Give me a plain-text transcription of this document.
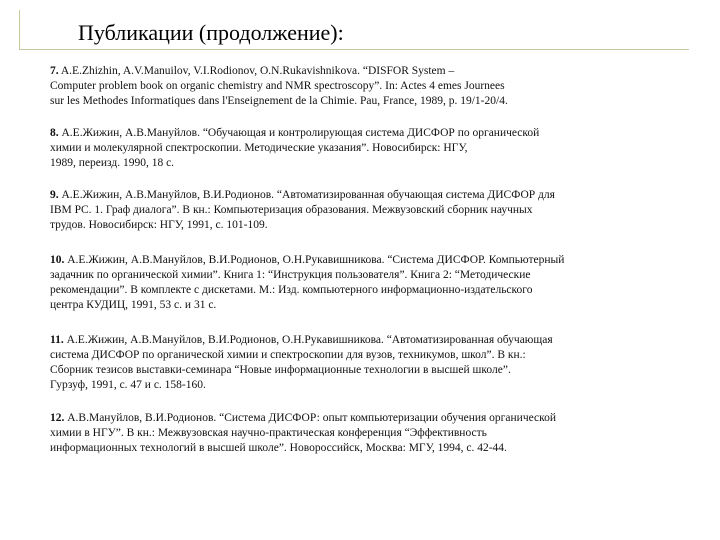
Публикации (продолжение):
7. A.E.Zhizhin, A.V.Manuilov, V.I.Rodionov, O.N.Rukavishnikova. “DISFOR System –
Computer problem book on organic chemistry and NMR spectroscopy”. In: Actes 4 emes Journees
sur les Methodes Informatiques dans l'Enseignement de la Chimie. Pau, France, 1989, p. 19/1-20/4.
8. А.Е.Жижин, А.В.Мануйлов. “Обучающая и контролирующая система ДИСФОР по органической
химии и молекулярной спектроскопии. Методические указания”. Новосибирск: НГУ,
1989, переизд. 1990, 18 с.
9. А.Е.Жижин, А.В.Мануйлов, В.И.Родионов. “Автоматизированная обучающая система ДИСФОР для
IBM PC. 1. Граф диалога”. В кн.: Компьютеризация образования. Межвузовский сборник научных
трудов. Новосибирск: НГУ, 1991, с. 101-109.
10. А.Е.Жижин, А.В.Мануйлов, В.И.Родионов, О.Н.Рукавишникова. “Система ДИСФОР. Компьютерный
задачник по органической химии”. Книга 1: “Инструкция пользователя”. Книга 2: “Методические
рекомендации”. В комплекте с дискетами. М.: Изд. компьютерного информационно-издательского
центра КУДИЦ, 1991, 53 с. и 31 с.
11. А.Е.Жижин, А.В.Мануйлов, В.И.Родионов, О.Н.Рукавишникова. “Автоматизированная обучающая
система ДИСФОР по органической химии и спектроскопии для вузов, техникумов, школ”. В кн.:
Сборник тезисов выставки-семинара “Новые информационные технологии в высшей школе”.
Гурзуф, 1991, с. 47 и с. 158-160.
12. А.В.Мануйлов, В.И.Родионов. “Система ДИСФОР: опыт компьютеризации обучения органической
химии в НГУ”. В кн.: Межвузовская научно-практическая конференция “Эффективность
информационных технологий в высшей школе”. Новороссийск, Москва: МГУ, 1994, с. 42-44.
